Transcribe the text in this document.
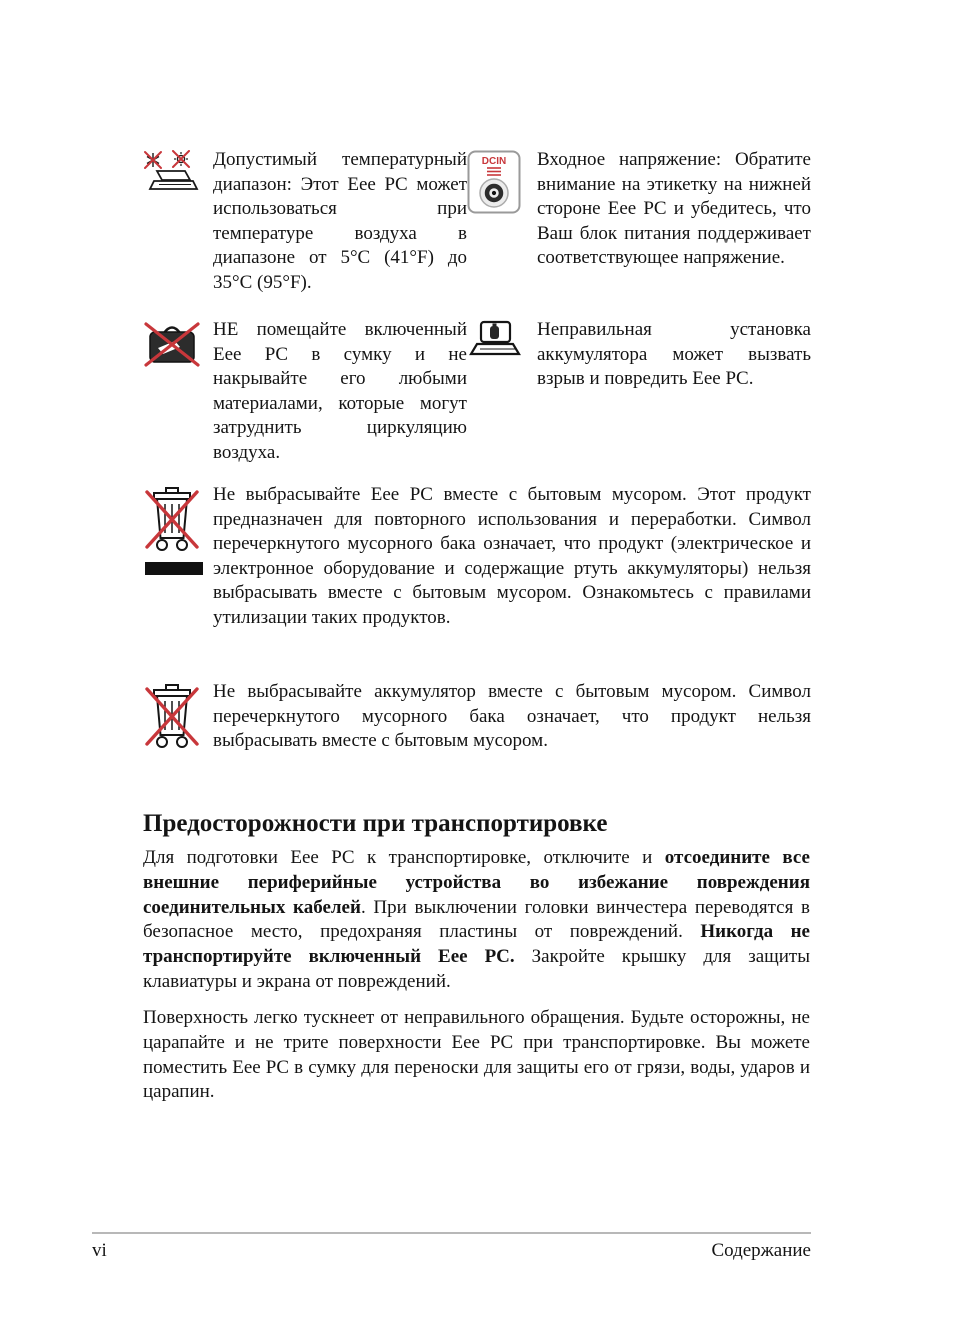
Допустимый температурный диапазон: Этот Eee PC может использоваться при температуре воздуха в диапазоне от 5°C (41°F) до 35°C (95°F).

DCIN Входное напряжение: Обратите внимание на этикетку на нижней стороне Eee PC и убедитесь, что Ваш блок питания поддерживает соответствующее напряжение.

НЕ помещайте включенный Eee PC в сумку и не накрывайте его любыми материалами, которые могут затруднить циркуляцию воздуха.

Неправильная установка аккумулятора может вызвать взрыв и повредить Eee PC.

Не выбрасывайте Eee PC вместе с бытовым мусором. Этот продукт предназначен для повторного использования и переработки. Символ перечеркнутого мусорного бака означает, что продукт (электрическое и электронное оборудование и содержащие ртуть аккумуляторы) нельзя выбрасывать вместе с бытовым мусором. Ознакомьтесь с правилами утилизации таких продуктов.

Не выбрасывайте аккумулятор вместе с бытовым мусором. Символ перечеркнутого мусорного бака означает, что продукт нельзя выбрасывать вместе с бытовым мусором.

Предосторожности при транспортировке

Для подготовки Eee PC к транспортировке, отключите и отсоедините все внешние периферийные устройства во избежание повреждения соединительных кабелей. При выключении головки винчестера переводятся в безопасное место, предохраняя пластины от повреждений. Никогда не транспортируйте включенный Eee PC. Закройте крышку для защиты клавиатуры и экрана от повреждений.

Поверхность легко тускнеет от неправильного обращения. Будьте осторожны, не царапайте и не трите поверхности Eee PC при транспортировке. Вы можете поместить Eee PC в сумку для переноски для защиты его от грязи, воды, ударов и царапин.

vi	Содержание
